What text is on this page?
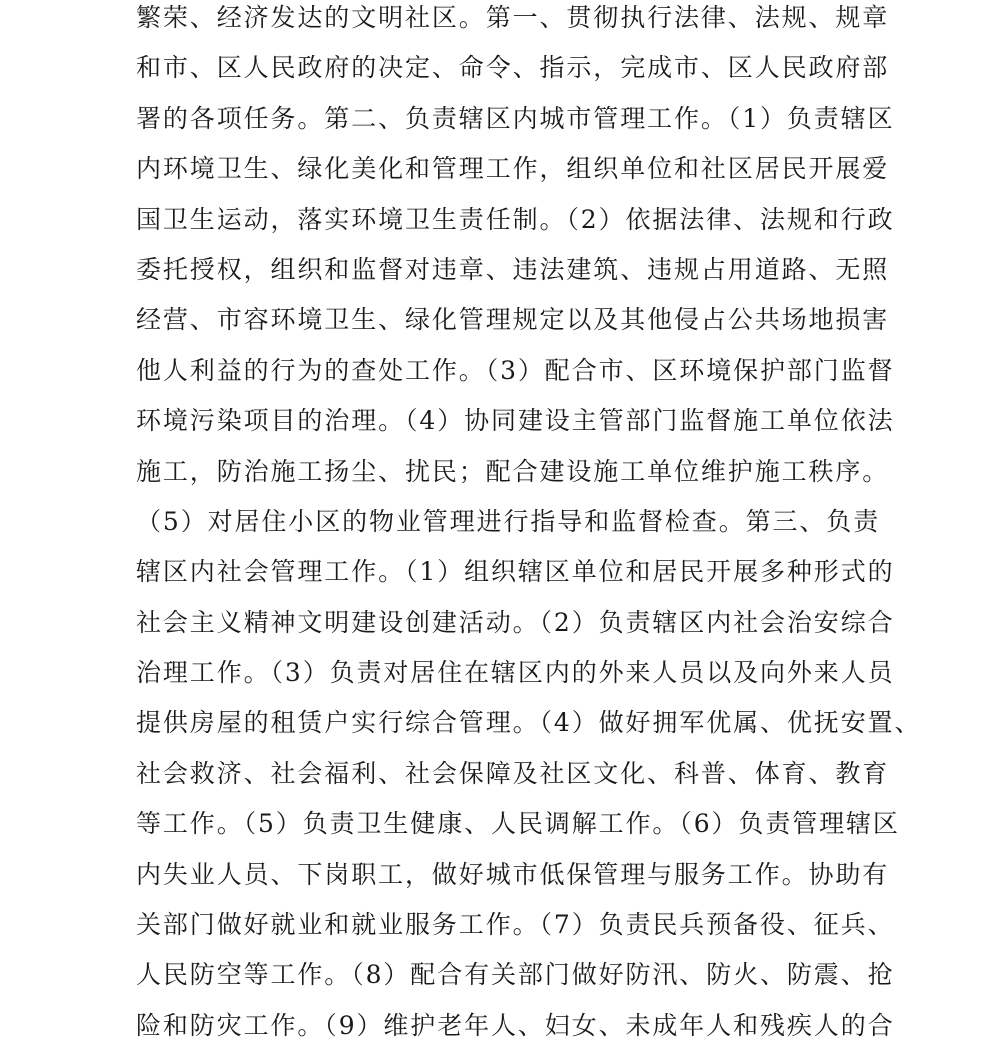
繁荣、经济发达的文明社区。第一、贯彻执行法律、法规、规章
和市、区人民政府的决定、命令、指示，完成市、区人民政府部
署的各项任务。第二、负责辖区内城市管理工作。（1）负责辖区
内环境卫生、绿化美化和管理工作，组织单位和社区居民开展爱
国卫生运动，落实环境卫生责任制。（2）依据法律、法规和行政
委托授权，组织和监督对违章、违法建筑、违规占用道路、无照
经营、市容环境卫生、绿化管理规定以及其他侵占公共场地损害
他人利益的行为的查处工作。（3）配合市、区环境保护部门监督
环境污染项目的治理。（4）协同建设主管部门监督施工单位依法
施工，防治施工扬尘、扰民；配合建设施工单位维护施工秩序。
（5）对居住小区的物业管理进行指导和监督检查。第三、负责
辖区内社会管理工作。（1）组织辖区单位和居民开展多种形式的
社会主义精神文明建设创建活动。（2）负责辖区内社会治安综合
治理工作。（3）负责对居住在辖区内的外来人员以及向外来人员
提供房屋的租赁户实行综合管理。（4）做好拥军优属、优抚安置、
社会救济、社会福利、社会保障及社区文化、科普、体育、教育
等工作。（5）负责卫生健康、人民调解工作。（6）负责管理辖区
内失业人员、下岗职工，做好城市低保管理与服务工作。协助有
关部门做好就业和就业服务工作。（7）负责民兵预备役、征兵、
人民防空等工作。（8）配合有关部门做好防汛、防火、防震、抢
险和防灾工作。（9）维护老年人、妇女、未成年人和残疾人的合
